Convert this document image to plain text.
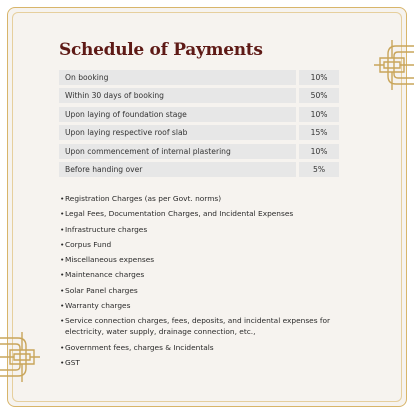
Schedule of Payments
On booking	10%
Within 30 days of booking	50%
Upon laying of foundation stage	10%
Upon laying respective roof slab	15%
Upon commencement of internal plastering	10%
Before handing over	5%
• Registration Charges (as per Govt. norms)
• Legal Fees, Documentation Charges, and Incidental Expenses
• Infrastructure charges
• Corpus Fund
• Miscellaneous expenses
• Maintenance charges
• Solar Panel charges
• Warranty charges
• Service connection charges, fees, deposits, and incidental expenses for electricity, water supply, drainage connection, etc.,
• Government fees, charges & Incidentals
• GST
